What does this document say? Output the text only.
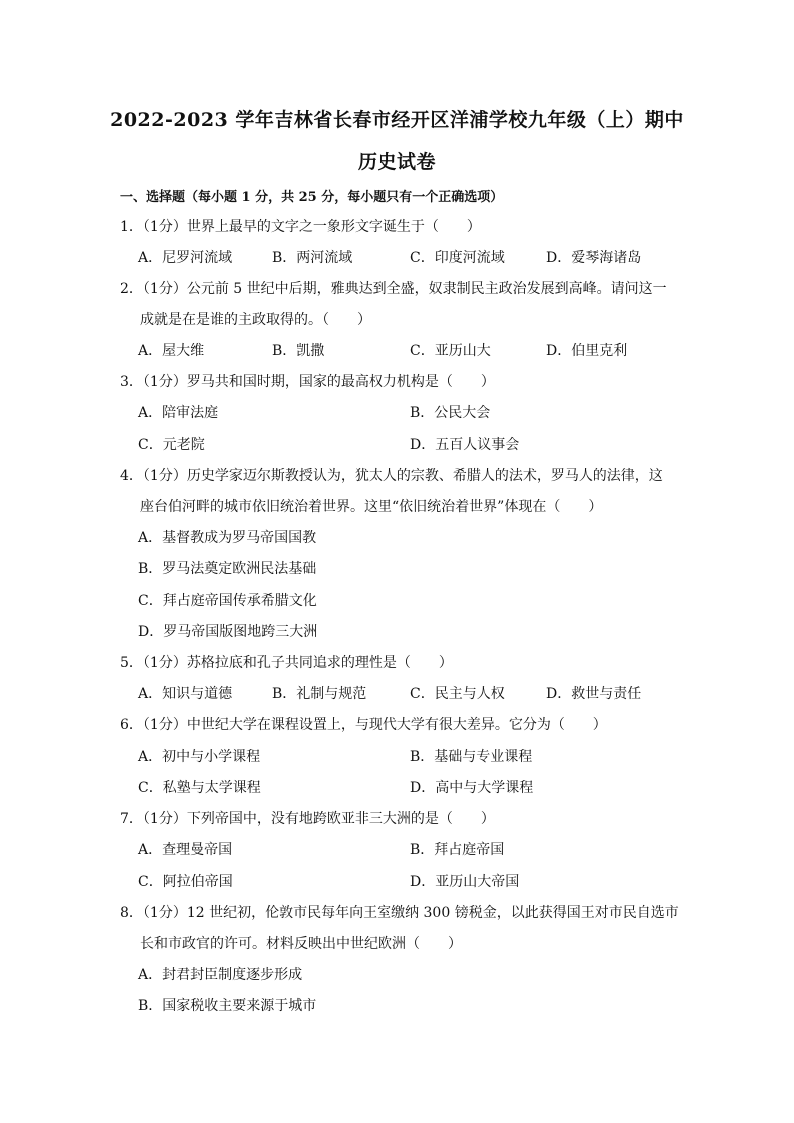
2022-2023 学年吉林省长春市经开区洋浦学校九年级（上）期中
历史试卷
一、选择题（每小题 1 分，共 25 分，每小题只有一个正确选项）
1．（1分）世界上最早的文字之一象形文字诞生于（　　）
A．尼罗河流域	B．两河流域	C．印度河流域	D．爱琴海诸岛
2．（1分）公元前 5 世纪中后期，雅典达到全盛，奴隶制民主政治发展到高峰。请问这一
成就是在是谁的主政取得的。（　　）
A．屋大维	B．凯撒	C．亚历山大	D．伯里克利
3．（1分）罗马共和国时期，国家的最高权力机构是（　　）
A．陪审法庭	B．公民大会
C．元老院	D．五百人议事会
4．（1分）历史学家迈尔斯教授认为，犹太人的宗教、希腊人的法术，罗马人的法律，这
座台伯河畔的城市依旧统治着世界。这里“依旧统治着世界”体现在（　　）
A．基督教成为罗马帝国国教
B．罗马法奠定欧洲民法基础
C．拜占庭帝国传承希腊文化
D．罗马帝国版图地跨三大洲
5．（1分）苏格拉底和孔子共同追求的理性是（　　）
A．知识与道德	B．礼制与规范	C．民主与人权	D．救世与责任
6．（1分）中世纪大学在课程设置上，与现代大学有很大差异。它分为（　　）
A．初中与小学课程	B．基础与专业课程
C．私塾与太学课程	D．高中与大学课程
7．（1分）下列帝国中，没有地跨欧亚非三大洲的是（　　）
A．查理曼帝国	B．拜占庭帝国
C．阿拉伯帝国	D．亚历山大帝国
8．（1分）12 世纪初，伦敦市民每年向王室缴纳 300 镑税金，以此获得国王对市民自选市
长和市政官的许可。材料反映出中世纪欧洲（　　）
A．封君封臣制度逐步形成
B．国家税收主要来源于城市
